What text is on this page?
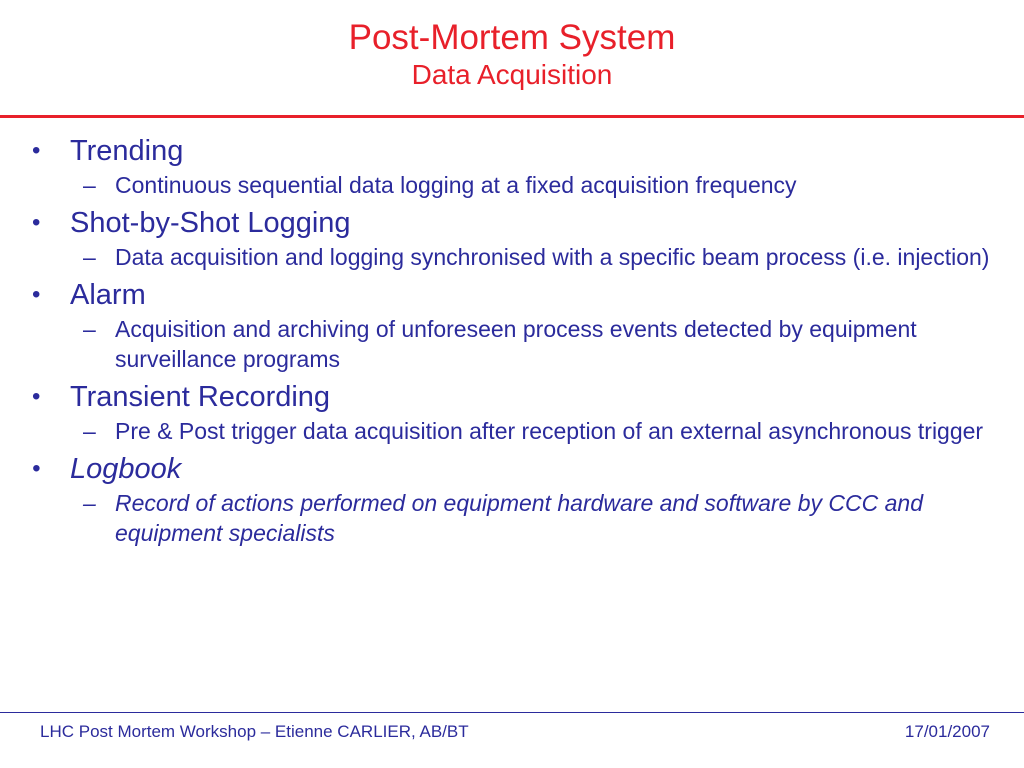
Post-Mortem System
Data Acquisition

• Trending

– Continuous sequential data logging at a fixed acquisition frequency

• Shot-by-Shot Logging

– Data acquisition and logging synchronised with a specific beam process (i.e. injection)

• Alarm

– Acquisition and archiving of unforeseen process events detected by equipment surveillance programs

• Transient Recording

– Pre & Post trigger data acquisition after reception of an external asynchronous trigger

• Logbook

– Record of actions performed on equipment hardware and software by CCC and equipment specialists

LHC Post Mortem Workshop – Etienne CARLIER, AB/BT	17/01/2007
